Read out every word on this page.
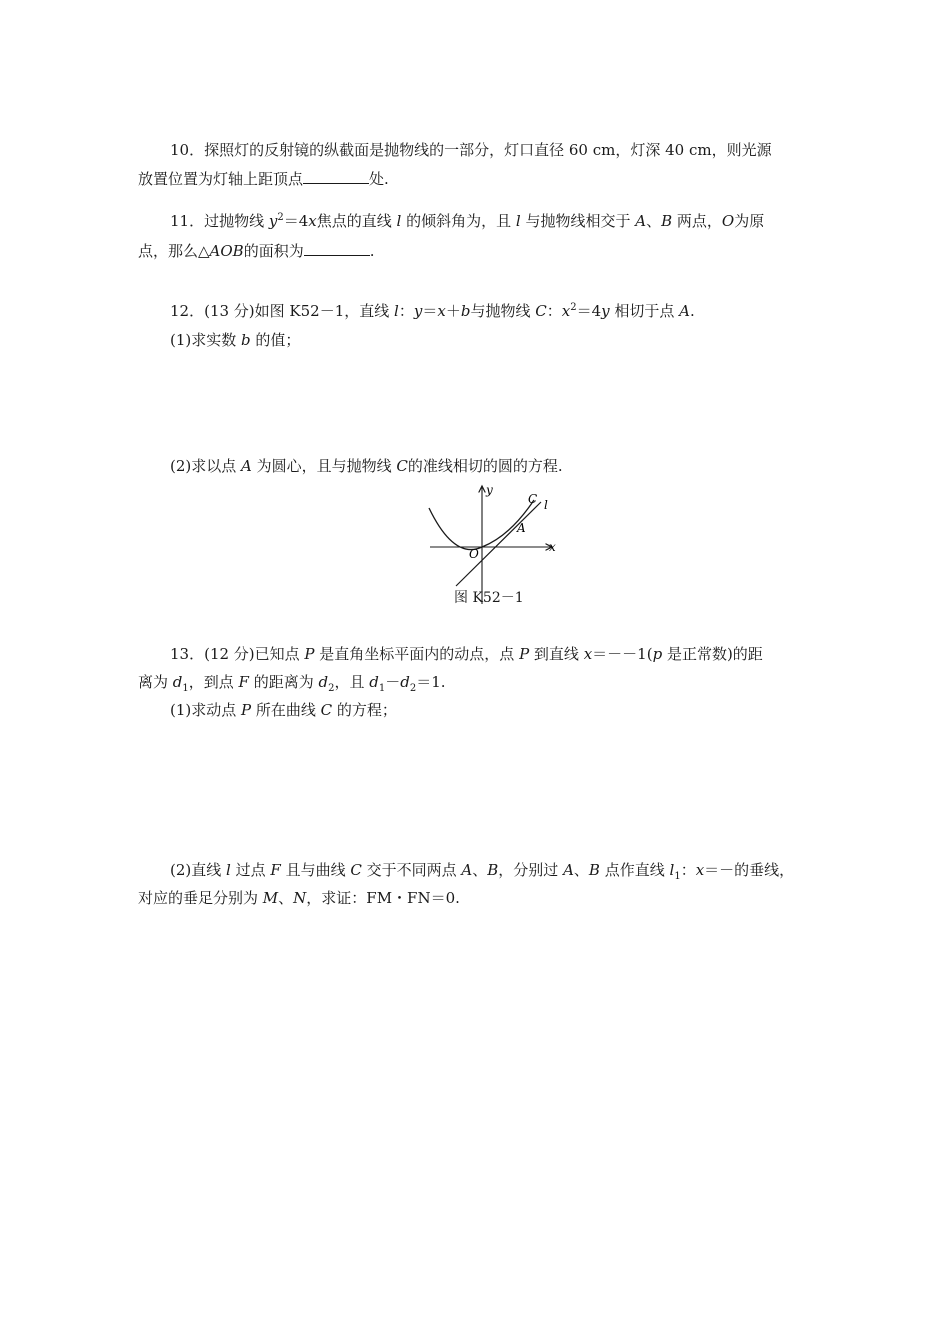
10．探照灯的反射镜的纵截面是抛物线的一部分，灯口直径 60 cm，灯深 40 cm，则光源
放置位置为灯轴上距顶点	处.
11．过抛物线 $y^2=4x$焦点的直线 l 的倾斜角为，且 l 与抛物线相交于 A、B 两点，O为原
点，那么△AOB的面积为	.
12．(13 分)如图 K52－1，直线 l：y＝x＋b与抛物线 C：$x^2=4y$ 相切于点 A.
(1)求实数 b 的值；
(2)求以点 A 为圆心，且与抛物线 C的准线相切的圆的方程.
y
x
C l
A
O
图 K52－1
13．(12 分)已知点 P 是直角坐标平面内的动点，点 P 到直线 x＝－－1(p 是正常数)的距
离为 $d_1$，到点 F 的距离为 $d_2$，且 $d_1-d_2=1$.
(1)求动点 P 所在曲线 C 的方程；
(2)直线 l 过点 F 且与曲线 C 交于不同两点 A、B，分别过 A、B 点作直线 $l_1$：x＝－的垂线，
对应的垂足分别为 M、N，求证：FM・FN＝0.
